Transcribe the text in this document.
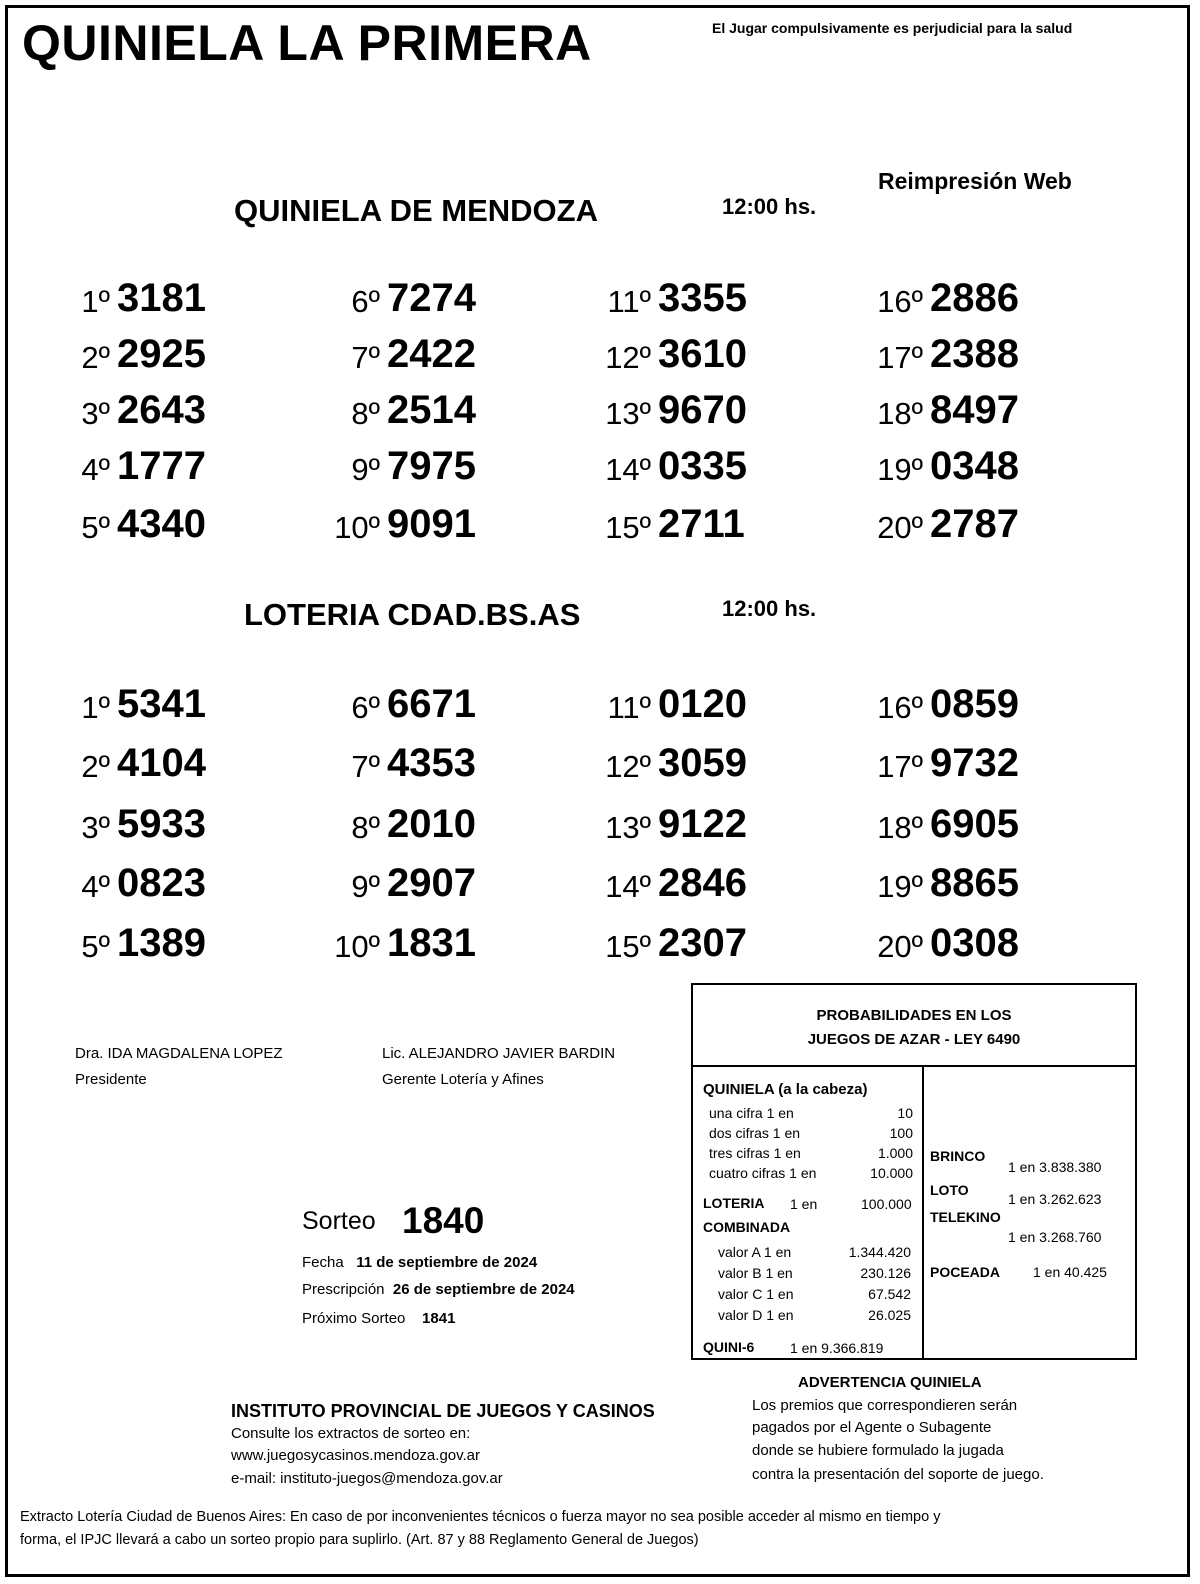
QUINIELA LA PRIMERA	El Jugar compulsivamente es perjudicial para la salud
Reimpresión Web
QUINIELA DE MENDOZA	12:00 hs.
1º 3181
2º 2925
3º 2643
4º 1777
5º 4340
6º 7274
7º 2422
8º 2514
9º 7975
10º 9091
11º 3355
12º 3610
13º 9670
14º 0335
15º 2711
16º 2886
17º 2388
18º 8497
19º 0348
20º 2787
LOTERIA CDAD.BS.AS	12:00 hs.
1º 5341
2º 4104
3º 5933
4º 0823
5º 1389
6º 6671
7º 4353
8º 2010
9º 2907
10º 1831
11º 0120
12º 3059
13º 9122
14º 2846
15º 2307
16º 0859
17º 9732
18º 6905
19º 8865
20º 0308
Dra. IDA MAGDALENA LOPEZ
Presidente
Lic. ALEJANDRO JAVIER BARDIN
Gerente Lotería y Afines
Sorteo 1840
Fecha 11 de septiembre de 2024
Prescripción 26 de septiembre de 2024
Próximo Sorteo 1841
PROBABILIDADES EN LOS
JUEGOS DE AZAR - LEY 6490
QUINIELA (a la cabeza)
una cifra 1 en	10
dos cifras 1 en	100
tres cifras 1 en	1.000
cuatro cifras 1 en	10.000
LOTERIA 1 en	100.000
COMBINADA
valor A 1 en	1.344.420
valor B 1 en	230.126
valor C 1 en	67.542
valor D 1 en	26.025
QUINI-6	1 en 9.366.819
BRINCO
1 en 3.838.380
LOTO
1 en 3.262.623
TELEKINO
1 en 3.268.760
POCEADA 1 en 40.425
ADVERTENCIA QUINIELA
Los premios que correspondieren serán
pagados por el Agente o Subagente
donde se hubiere formulado la jugada
contra la presentación del soporte de juego.
INSTITUTO PROVINCIAL DE JUEGOS Y CASINOS
Consulte los extractos de sorteo en:
www.juegosycasinos.mendoza.gov.ar
e-mail: instituto-juegos@mendoza.gov.ar
Extracto Lotería Ciudad de Buenos Aires: En caso de por inconvenientes técnicos o fuerza mayor no sea posible acceder al mismo en tiempo y
forma, el IPJC llevará a cabo un sorteo propio para suplirlo. (Art. 87 y 88 Reglamento General de Juegos)
